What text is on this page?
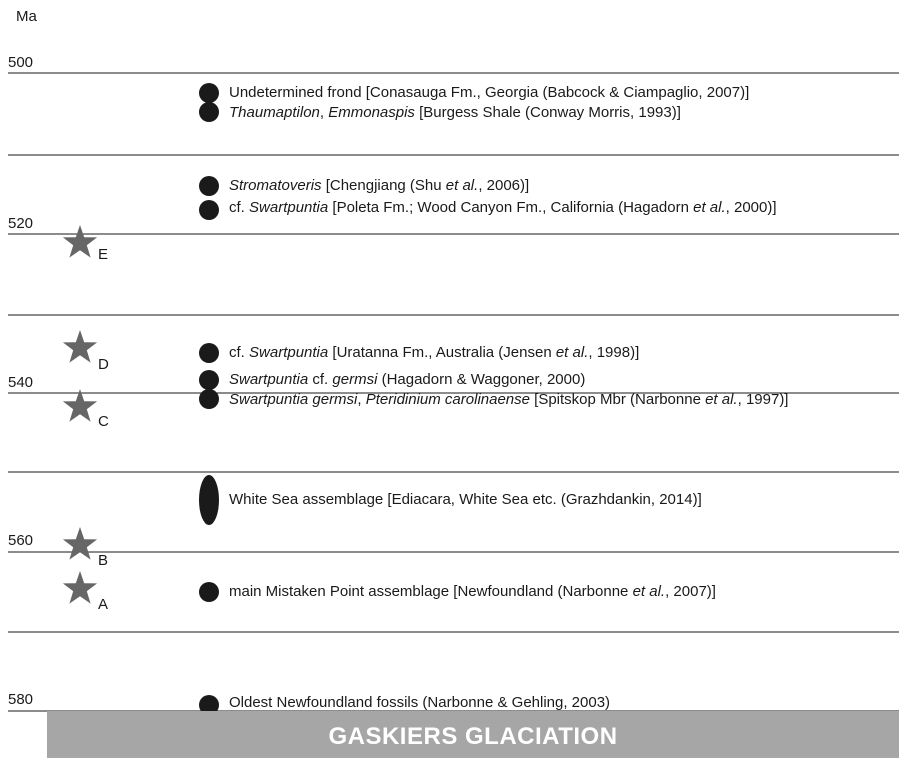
Ma
500
520
540
560
580
E
D
C
B
A
Undetermined frond [Conasauga Fm., Georgia (Babcock & Ciampaglio, 2007)]
Thaumaptilon, Emmonaspis [Burgess Shale (Conway Morris, 1993)]
Stromatoveris [Chengjiang (Shu et al., 2006)]
cf. Swartpuntia [Poleta Fm.; Wood Canyon Fm., California (Hagadorn et al., 2000)]
cf. Swartpuntia [Uratanna Fm., Australia (Jensen et al., 1998)]
Swartpuntia cf. germsi (Hagadorn & Waggoner, 2000)
Swartpuntia germsi, Pteridinium carolinaense [Spitskop Mbr (Narbonne et al., 1997)]
White Sea assemblage [Ediacara, White Sea etc. (Grazhdankin, 2014)]
main Mistaken Point assemblage [Newfoundland (Narbonne et al., 2007)]
Oldest Newfoundland fossils (Narbonne & Gehling, 2003)
GASKIERS GLACIATION
